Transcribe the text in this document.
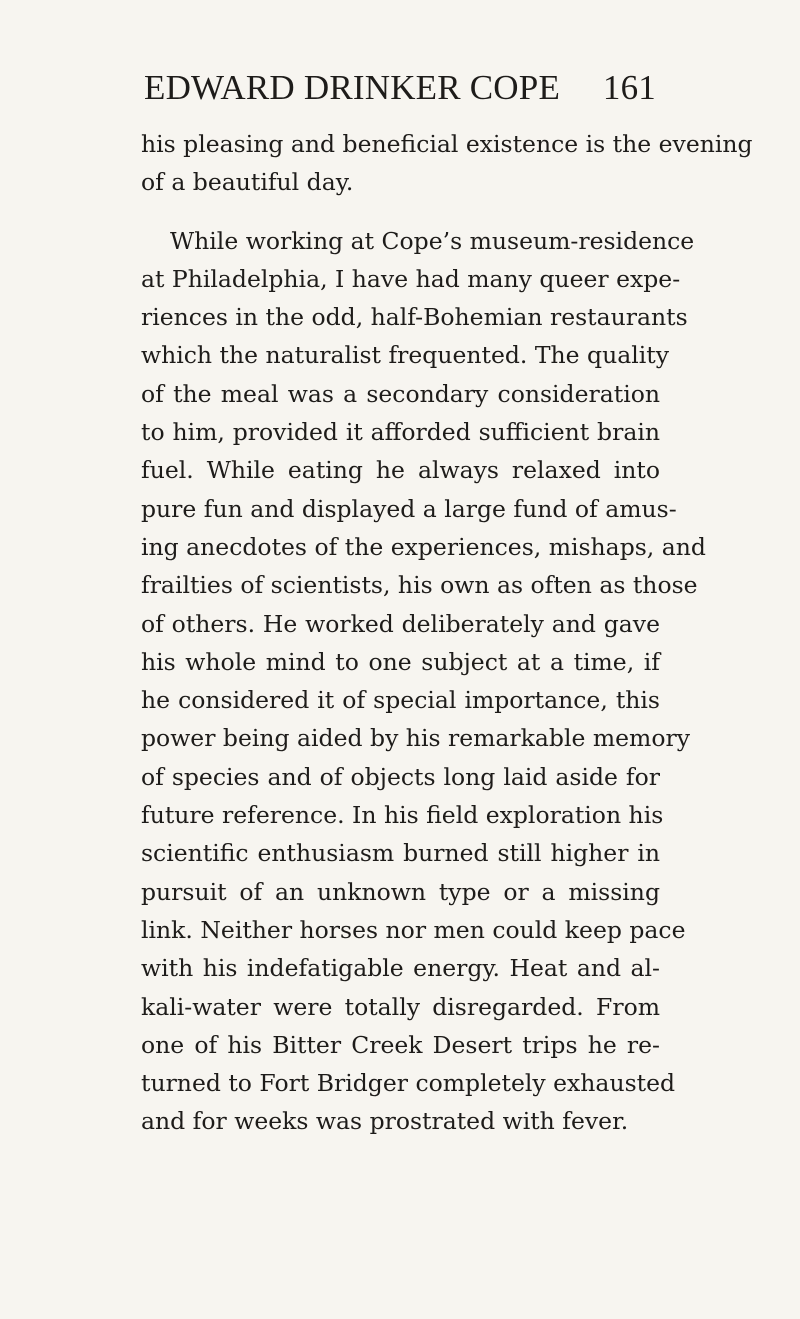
EDWARD DRINKER COPE 161
his pleasing and beneficial existence is the evening
of a beautiful day.
While working at Cope’s museum-residence
at Philadelphia, I have had many queer expe-
riences in the odd, half-Bohemian restaurants
which the naturalist frequented. The quality
of the meal was a secondary consideration
to him, provided it afforded sufficient brain
fuel. While eating he always relaxed into
pure fun and displayed a large fund of amus-
ing anecdotes of the experiences, mishaps, and
frailties of scientists, his own as often as those
of others. He worked deliberately and gave
his whole mind to one subject at a time, if
he considered it of special importance, this
power being aided by his remarkable memory
of species and of objects long laid aside for
future reference. In his field exploration his
scientific enthusiasm burned still higher in
pursuit of an unknown type or a missing
link. Neither horses nor men could keep pace
with his indefatigable energy. Heat and al-
kali-water were totally disregarded. From
one of his Bitter Creek Desert trips he re-
turned to Fort Bridger completely exhausted
and for weeks was prostrated with fever.
